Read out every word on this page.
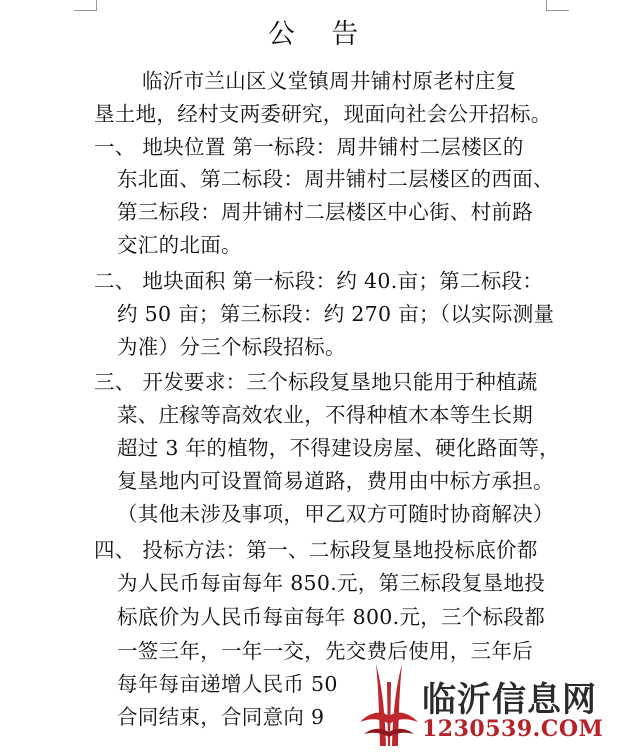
公 告
临沂市兰山区义堂镇周井铺村原老村庄复
垦土地，经村支两委研究，现面向社会公开招标。
一、 地块位置 第一标段：周井铺村二层楼区的
东北面、第二标段：周井铺村二层楼区的西面、
第三标段：周井铺村二层楼区中心街、村前路
交汇的北面。
二、 地块面积 第一标段：约 40.亩；第二标段：
约 50 亩；第三标段：约 270 亩；（以实际测量
为准）分三个标段招标。
三、 开发要求：三个标段复垦地只能用于种植蔬
菜、庄稼等高效农业，不得种植木本等生长期
超过 3 年的植物，不得建设房屋、硬化路面等，
复垦地内可设置简易道路，费用由中标方承担。
（其他未涉及事项，甲乙双方可随时协商解决）
四、 投标方法：第一、二标段复垦地投标底价都
为人民币每亩每年 850.元，第三标段复垦地投
标底价为人民币每亩每年 800.元，三个标段都
一签三年，一年一交，先交费后使用，三年后
每年每亩递增人民币 50
合同结束，合同意向 9	临沂信息网
1230539.COM
